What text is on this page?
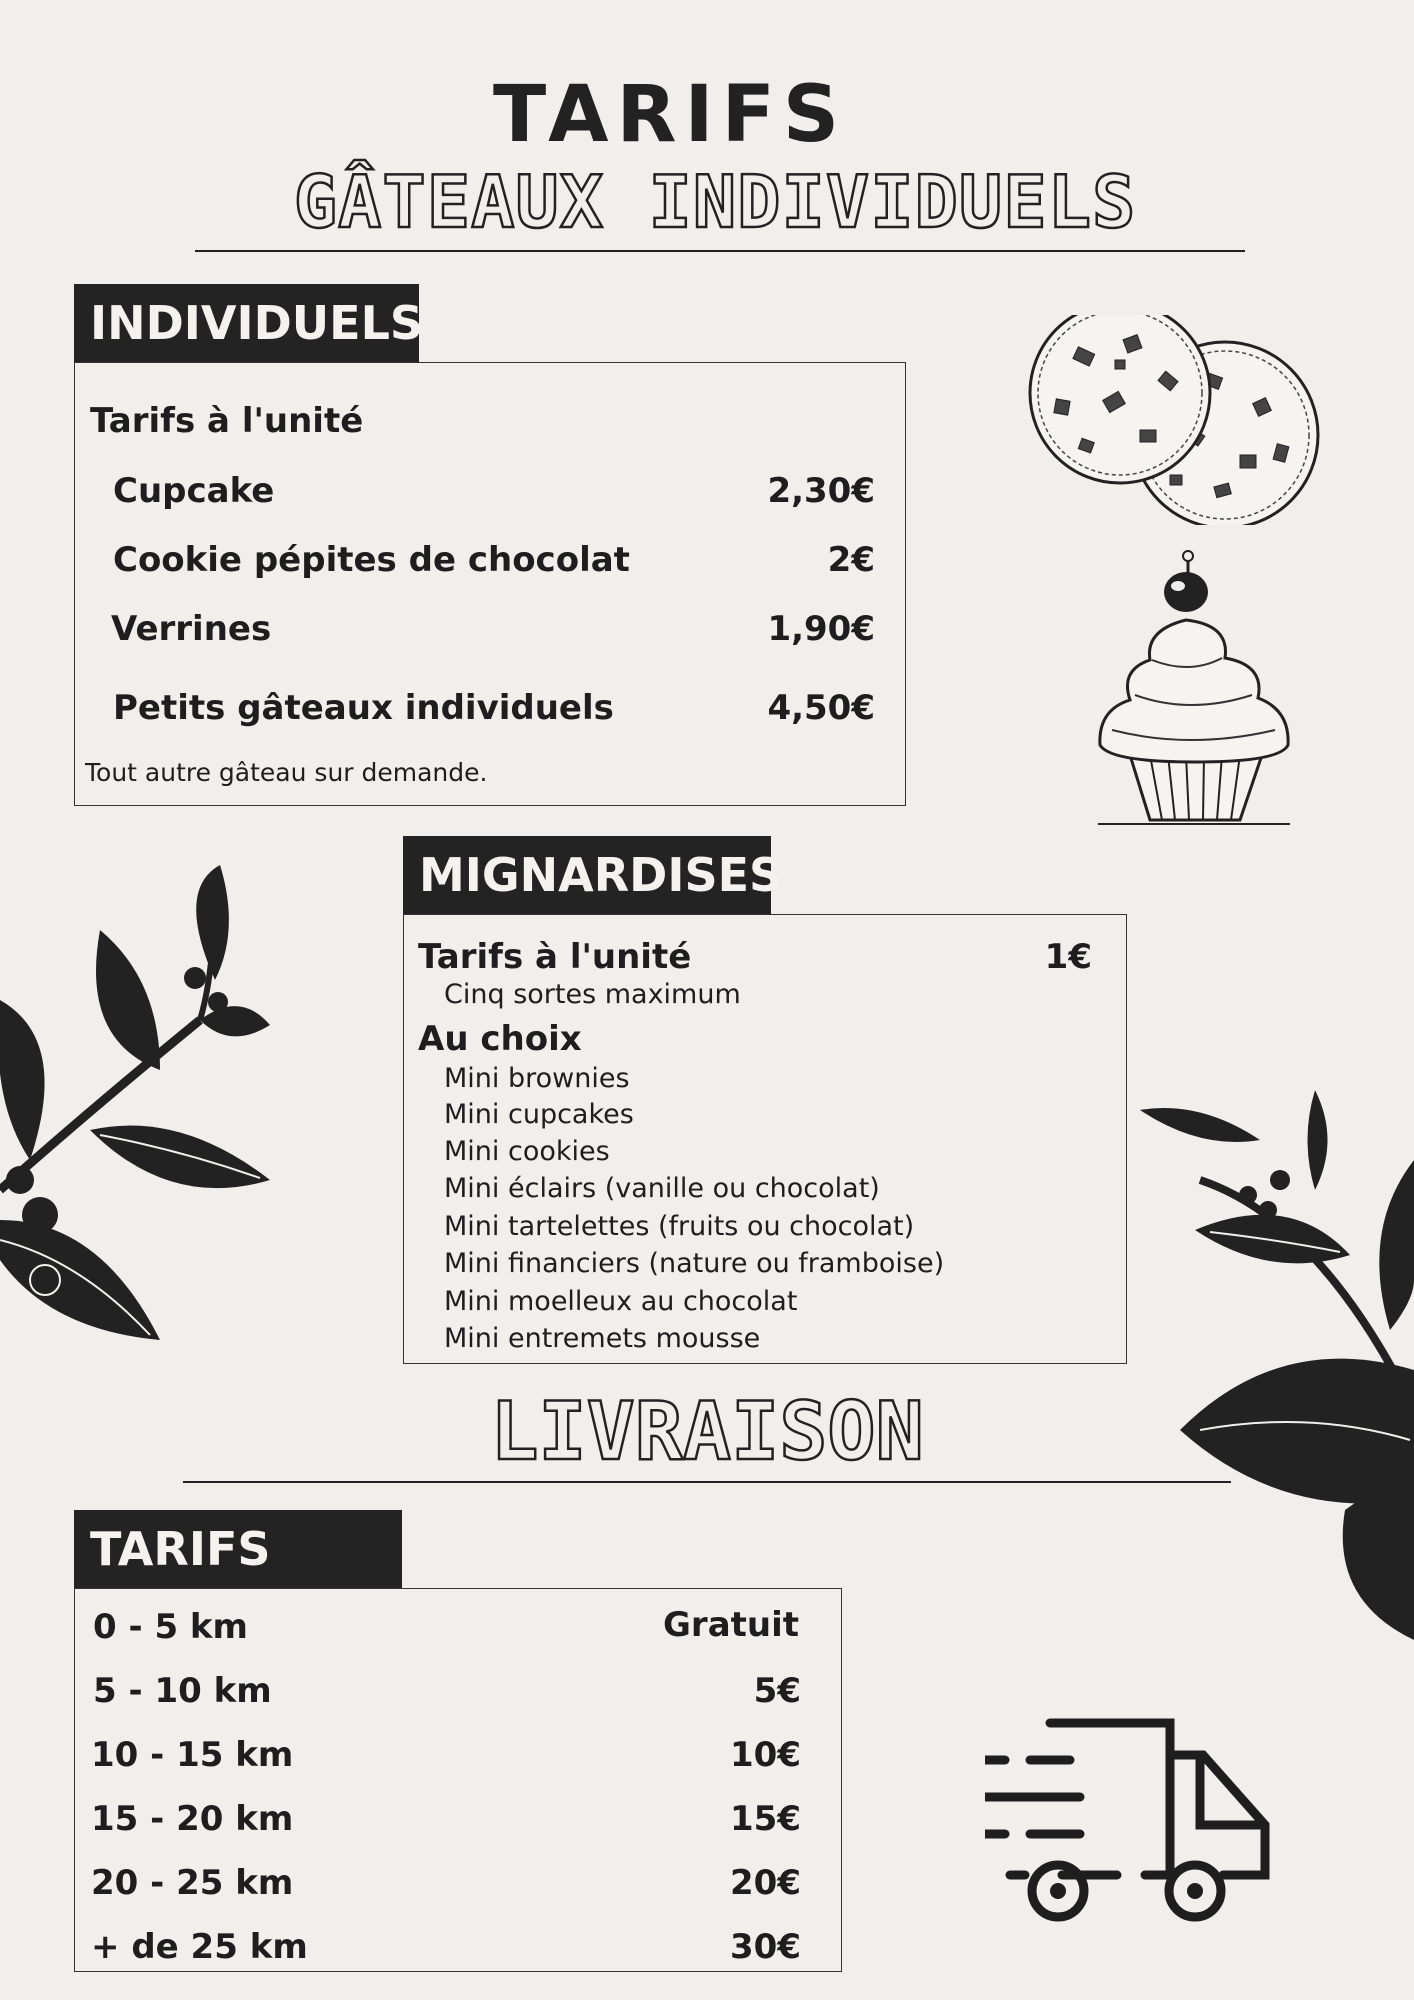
TARIFS
GÂTEAUX INDIVIDUELS
INDIVIDUELS
Tarifs à l'unité
Cupcake	2,30€
Cookie pépites de chocolat	2€
Verrines	1,90€
Petits gâteaux individuels	4,50€
Tout autre gâteau sur demande.
MIGNARDISES
Tarifs à l'unité	1€
Cinq sortes maximum
Au choix
Mini brownies
Mini cupcakes
Mini cookies
Mini éclairs (vanille ou chocolat)
Mini tartelettes (fruits ou chocolat)
Mini financiers (nature ou framboise)
Mini moelleux au chocolat
Mini entremets mousse
LIVRAISON
TARIFS
0 - 5 km	Gratuit
5 - 10 km	5€
10 - 15 km	10€
15 - 20 km	15€
20 - 25 km	20€
+ de 25 km	30€
